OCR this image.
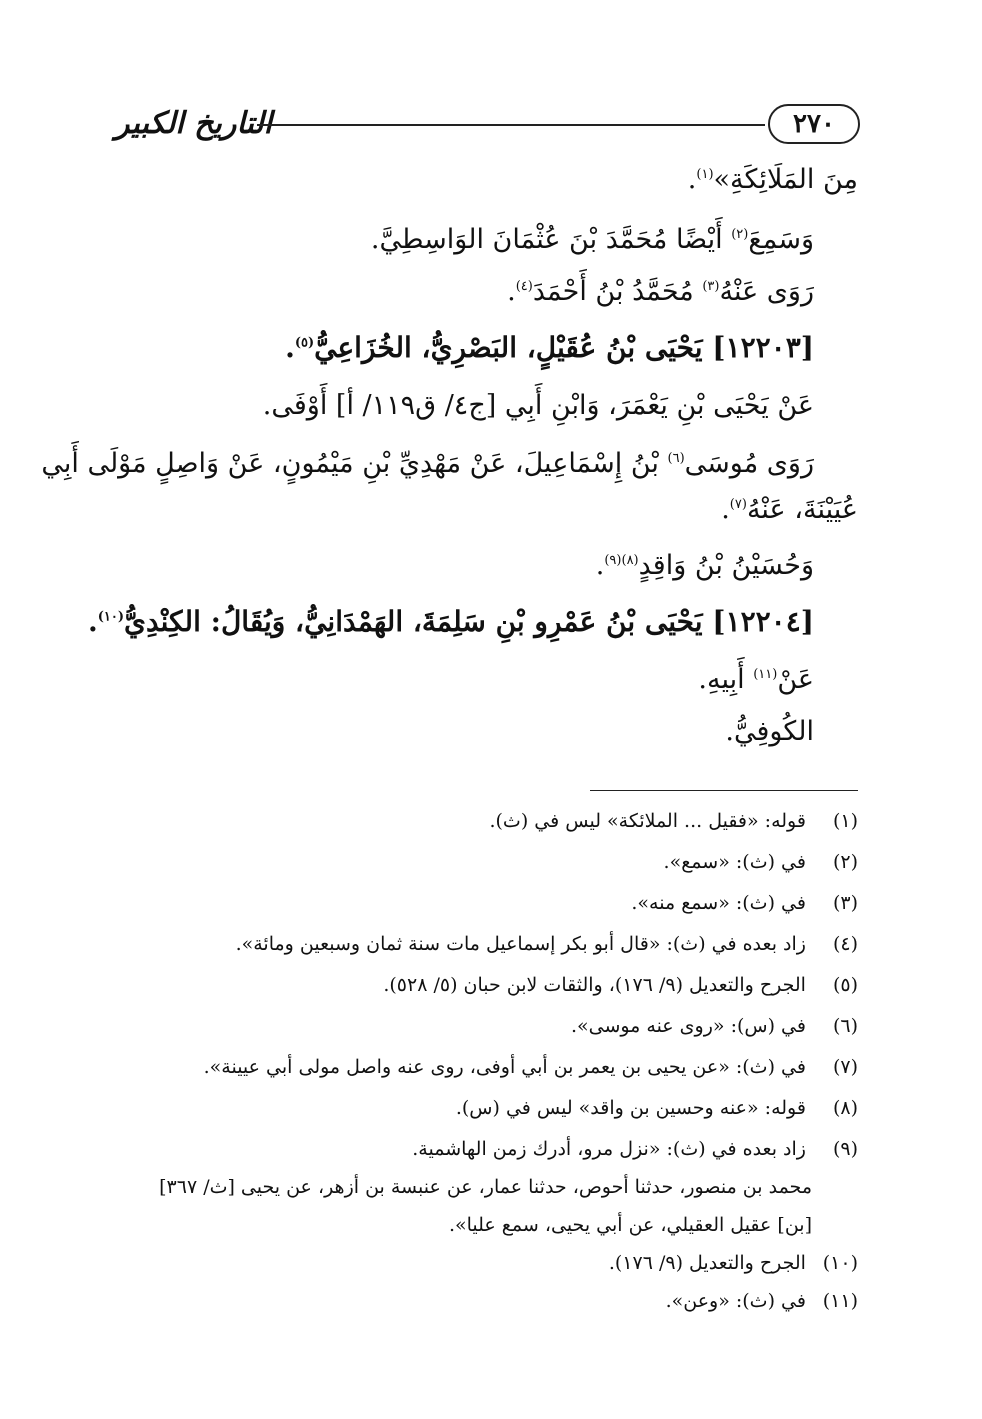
التاريخ الكبير	٢٧٠
مِنَ المَلَائِكَةِ»$^{(١)}$.
وَسَمِعَ$^{(٢)}$ أَيْضًا مُحَمَّدَ بْنَ عُثْمَانَ الوَاسِطِيَّ.
رَوَى عَنْهُ$^{(٣)}$ مُحَمَّدُ بْنُ أَحْمَدَ$^{(٤)}$.
[١٢٢٠٣] يَحْيَى بْنُ عُقَيْلٍ، البَصْرِيُّ، الخُزَاعِيُّ$^{(٥)}$.
عَنْ يَحْيَى بْنِ يَعْمَرَ، وَابْنِ أَبِي [ج٤/ ق١١٩/ أ] أَوْفَى.
رَوَى مُوسَى$^{(٦)}$ بْنُ إِسْمَاعِيلَ، عَنْ مَهْدِيِّ بْنِ مَيْمُونٍ، عَنْ وَاصِلٍ مَوْلَى أَبِي
عُيَيْنَةَ، عَنْهُ$^{(٧)}$.
وَحُسَيْنُ بْنُ وَاقِدٍ$^{(٨)(٩)}$.
[١٢٢٠٤] يَحْيَى بْنُ عَمْرِو بْنِ سَلِمَةَ، الهَمْدَانِيُّ، وَيُقَالُ: الكِنْدِيُّ$^{(١٠)}$.
عَنْ$^{(١١)}$ أَبِيهِ.
الكُوفِيُّ.
(١) قوله: «فقيل ... الملائكة» ليس في (ث).
(٢) في (ث): «سمع».
(٣) في (ث): «سمع منه».
(٤) زاد بعده في (ث): «قال أبو بكر إسماعيل مات سنة ثمان وسبعين ومائة».
(٥) الجرح والتعديل (٩/ ١٧٦)، والثقات لابن حبان (٥/ ٥٢٨).
(٦) في (س): «روى عنه موسى».
(٧) في (ث): «عن يحيى بن يعمر بن أبي أوفى، روى عنه واصل مولى أبي عيينة».
(٨) قوله: «عنه وحسين بن واقد» ليس في (س).
(٩) زاد بعده في (ث): «نزل مرو، أدرك زمن الهاشمية.
محمد بن منصور، حدثنا أحوص، حدثنا عمار، عن عنبسة بن أزهر، عن يحيى [ث/ ٣٦٧]
[بن] عقيل العقيلي، عن أبي يحيى، سمع عليا».
(١٠) الجرح والتعديل (٩/ ١٧٦).
(١١) في (ث): «وعن».
